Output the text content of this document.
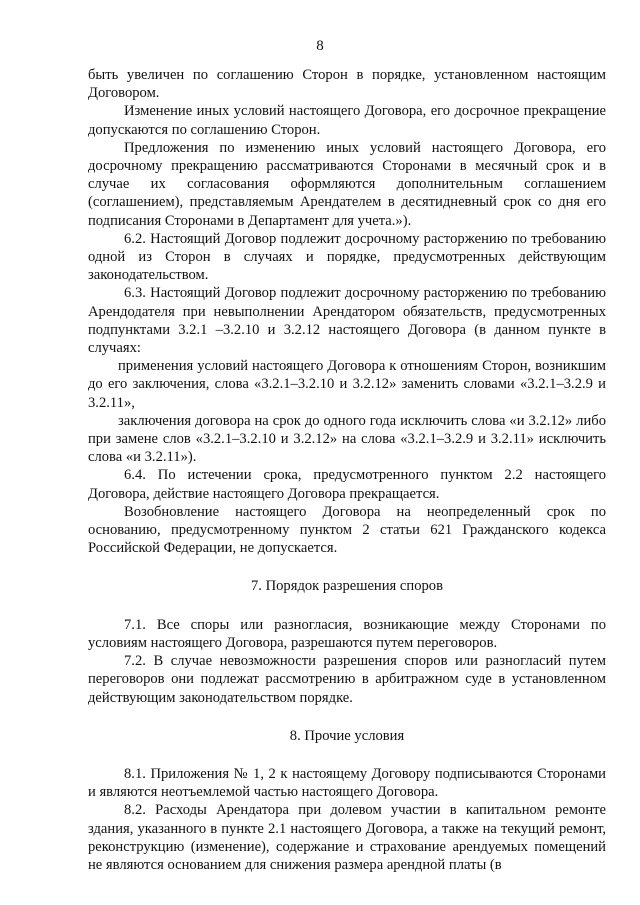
8

быть увеличен по соглашению Сторон в порядке, установленном настоящим Договором.

Изменение иных условий настоящего Договора, его досрочное прекращение допускаются по соглашению Сторон.

Предложения по изменению иных условий настоящего Договора, его досрочному прекращению рассматриваются Сторонами в месячный срок и в случае их согласования оформляются дополнительным соглашением (соглашением), представляемым Арендателем в десятидневный срок со дня его подписания Сторонами в Департамент для учета.»).

6.2. Настоящий Договор подлежит досрочному расторжению по требованию одной из Сторон в случаях и порядке, предусмотренных действующим законодательством.

6.3. Настоящий Договор подлежит досрочному расторжению по требованию Арендодателя при невыполнении Арендатором обязательств, предусмотренных подпунктами 3.2.1 –3.2.10 и 3.2.12 настоящего Договора (в данном пункте в случаях:

применения условий настоящего Договора к отношениям Сторон, возникшим до его заключения, слова «3.2.1–3.2.10 и 3.2.12» заменить словами «3.2.1–3.2.9 и 3.2.11»,

заключения договора на срок до одного года исключить слова «и 3.2.12» либо при замене слов «3.2.1–3.2.10 и 3.2.12» на слова «3.2.1–3.2.9 и 3.2.11» исключить слова «и 3.2.11»).

6.4. По истечении срока, предусмотренного пунктом 2.2 настоящего Договора, действие настоящего Договора прекращается.

Возобновление настоящего Договора на неопределенный срок по основанию, предусмотренному пунктом 2 статьи 621 Гражданского кодекса Российской Федерации, не допускается.

7. Порядок разрешения споров

7.1. Все споры или разногласия, возникающие между Сторонами по условиям настоящего Договора, разрешаются путем переговоров.

7.2. В случае невозможности разрешения споров или разногласий путем переговоров они подлежат рассмотрению в арбитражном суде в установленном действующим законодательством порядке.

8. Прочие условия

8.1. Приложения № 1, 2 к настоящему Договору подписываются Сторонами и являются неотъемлемой частью настоящего Договора.

8.2. Расходы Арендатора при долевом участии в капитальном ремонте здания, указанного в пункте 2.1 настоящего Договора, а также на текущий ремонт, реконструкцию (изменение), содержание и страхование арендуемых помещений не являются основанием для снижения размера арендной платы (в
